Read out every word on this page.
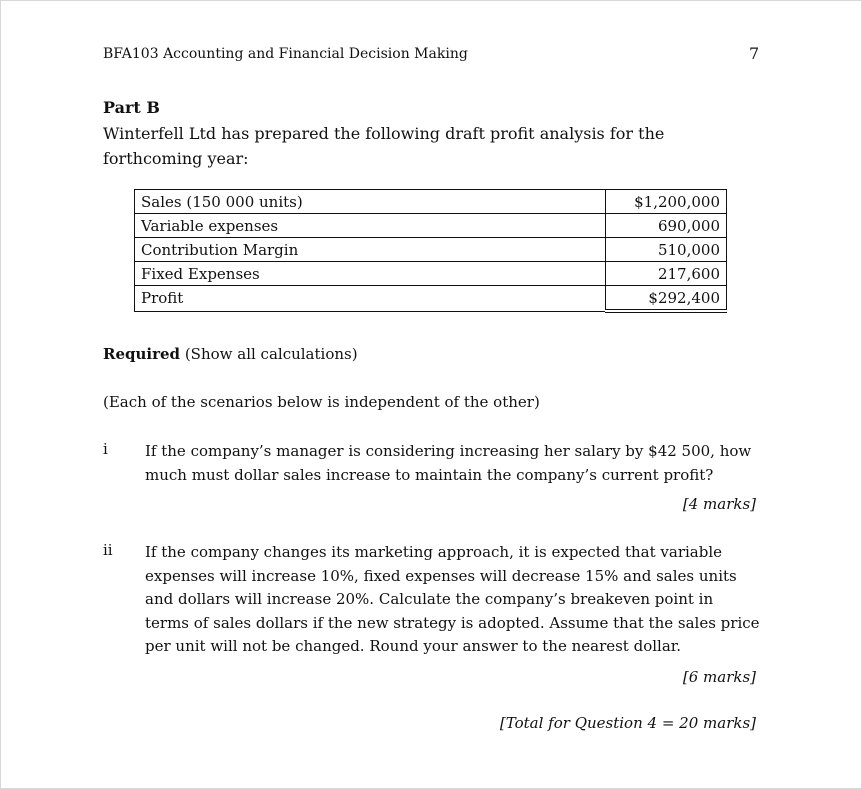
BFA103 Accounting and Financial Decision Making	7
Part B
Winterfell Ltd has prepared the following draft profit analysis for the forthcoming year:
Sales (150 000 units)	$1,200,000
Variable expenses	690,000
Contribution Margin	510,000
Fixed Expenses	217,600
Profit	$292,400
Required (Show all calculations)
(Each of the scenarios below is independent of the other)
i If the company’s manager is considering increasing her salary by $42 500, how much must dollar sales increase to maintain the company’s current profit?
[4 marks]
ii If the company changes its marketing approach, it is expected that variable expenses will increase 10%, fixed expenses will decrease 15% and sales units and dollars will increase 20%. Calculate the company’s breakeven point in terms of sales dollars if the new strategy is adopted. Assume that the sales price per unit will not be changed. Round your answer to the nearest dollar.
[6 marks]
[Total for Question 4 = 20 marks]
